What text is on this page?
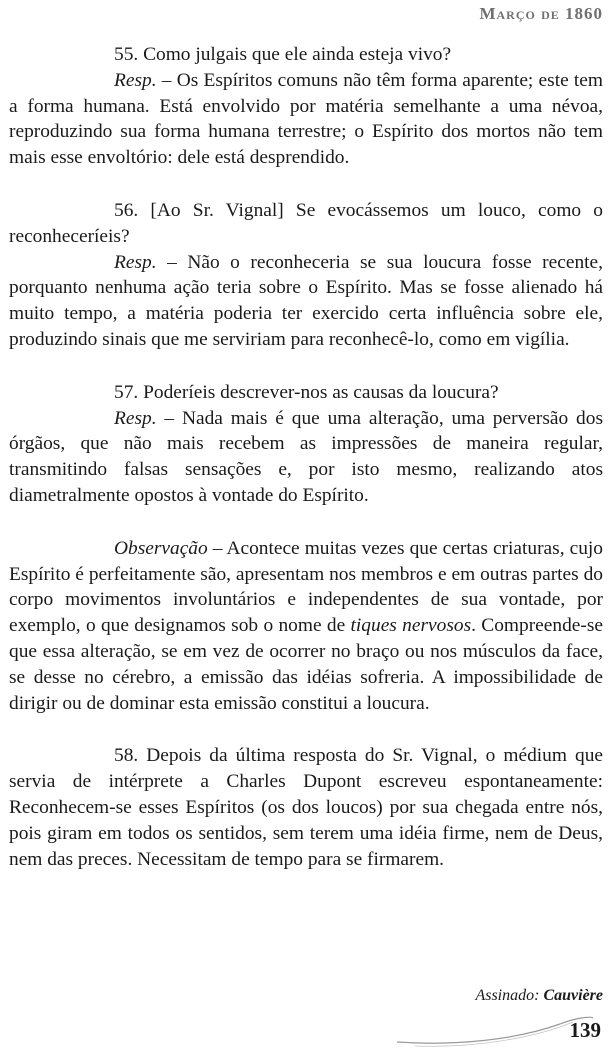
Março de 1860

55. Como julgais que ele ainda esteja vivo?

Resp. – Os Espíritos comuns não têm forma aparente; este tem a forma humana. Está envolvido por matéria semelhante a uma névoa, reproduzindo sua forma humana terrestre; o Espírito dos mortos não tem mais esse envoltório: dele está desprendido.

56. [Ao Sr. Vignal] Se evocássemos um louco, como o reconheceríeis?

Resp. – Não o reconheceria se sua loucura fosse recente, porquanto nenhuma ação teria sobre o Espírito. Mas se fosse alienado há muito tempo, a matéria poderia ter exercido certa influência sobre ele, produzindo sinais que me serviriam para reconhecê-lo, como em vigília.

57. Poderíeis descrever-nos as causas da loucura?

Resp. – Nada mais é que uma alteração, uma perversão dos órgãos, que não mais recebem as impressões de maneira regular, transmitindo falsas sensações e, por isto mesmo, realizando atos diametralmente opostos à vontade do Espírito.

Observação – Acontece muitas vezes que certas criaturas, cujo Espírito é perfeitamente são, apresentam nos membros e em outras partes do corpo movimentos involuntários e independentes de sua vontade, por exemplo, o que designamos sob o nome de tiques nervosos. Compreende-se que essa alteração, se em vez de ocorrer no braço ou nos músculos da face, se desse no cérebro, a emissão das idéias sofreria. A impossibilidade de dirigir ou de dominar esta emissão constitui a loucura.

58. Depois da última resposta do Sr. Vignal, o médium que servia de intérprete a Charles Dupont escreveu espontaneamente: Reconhecem-se esses Espíritos (os dos loucos) por sua chegada entre nós, pois giram em todos os sentidos, sem terem uma idéia firme, nem de Deus, nem das preces. Necessitam de tempo para se firmarem.

Assinado: Cauvière
139
